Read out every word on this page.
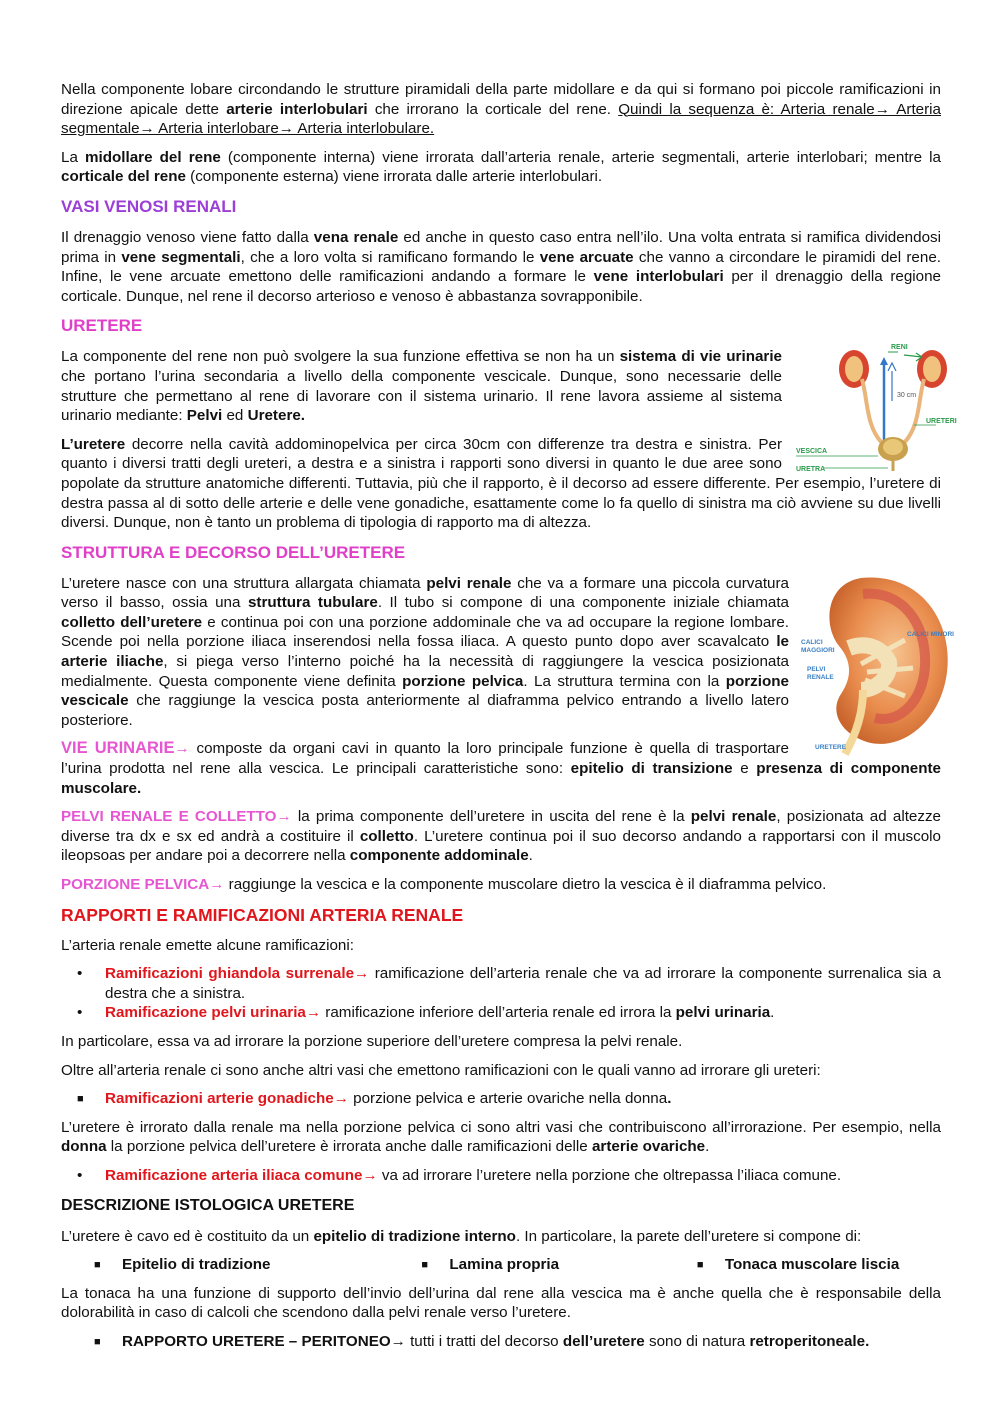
Nella componente lobare circondando le strutture piramidali della parte midollare e da qui si formano poi piccole ramificazioni in direzione apicale dette arterie interlobulari che irrorano la corticale del rene. Quindi la sequenza è: Arteria renale→ Arteria segmentale→ Arteria interlobare→ Arteria interlobulare.

La midollare del rene (componente interna) viene irrorata dall’arteria renale, arterie segmentali, arterie interlobari; mentre la corticale del rene (componente esterna) viene irrorata dalle arterie interlobulari.

VASI VENOSI RENALI

Il drenaggio venoso viene fatto dalla vena renale ed anche in questo caso entra nell’ilo. Una volta entrata si ramifica dividendosi prima in vene segmentali, che a loro volta si ramificano formando le vene arcuate che vanno a circondare le piramidi del rene. Infine, le vene arcuate emettono delle ramificazioni andando a formare le vene interlobulari per il drenaggio della regione corticale. Dunque, nel rene il decorso arterioso e venoso è abbastanza sovrapponibile.

URETERE
RENI
30 cm
URETERI
VESCICA
URETRA

La componente del rene non può svolgere la sua funzione effettiva se non ha un sistema di vie urinarie che portano l’urina secondaria a livello della componente vescicale. Dunque, sono necessarie delle strutture che permettano al rene di lavorare con il sistema urinario. Il rene lavora assieme al sistema urinario mediante: Pelvi ed Uretere.

L’uretere decorre nella cavità addominopelvica per circa 30cm con differenze tra destra e sinistra. Per quanto i diversi tratti degli ureteri, a destra e a sinistra i rapporti sono diversi in quanto le due aree sono popolate da strutture anatomiche differenti. Tuttavia, più che il rapporto, è il decorso ad essere differente. Per esempio, l’uretere di destra passa al di sotto delle arterie e delle vene gonadiche, esattamente come lo fa quello di sinistra ma ciò avviene su due livelli diversi. Dunque, non è tanto un problema di tipologia di rapporto ma di altezza.

STRUTTURA E DECORSO DELL’URETERE
CALICI MINORI
CALICI
MAGGIORI
PELVI
RENALE
URETERE

L’uretere nasce con una struttura allargata chiamata pelvi renale che va a formare una piccola curvatura verso il basso, ossia una struttura tubulare. Il tubo si compone di una componente iniziale chiamata colletto dell’uretere e continua poi con una porzione addominale che va ad occupare la regione lombare. Scende poi nella porzione iliaca inserendosi nella fossa iliaca. A questo punto dopo aver scavalcato le arterie iliache, si piega verso l’interno poiché ha la necessità di raggiungere la vescica posizionata medialmente. Questa componente viene definita porzione pelvica. La struttura termina con la porzione vescicale che raggiunge la vescica posta anteriormente al diaframma pelvico entrando a livello latero posteriore.

VIE URINARIE→ composte da organi cavi in quanto la loro principale funzione è quella di trasportare l’urina prodotta nel rene alla vescica. Le principali caratteristiche sono: epitelio di transizione e presenza di componente muscolare.

PELVI RENALE E COLLETTO→ la prima componente dell’uretere in uscita del rene è la pelvi renale, posizionata ad altezze diverse tra dx e sx ed andrà a costituire il colletto. L’uretere continua poi il suo decorso andando a rapportarsi con il muscolo ileopsoas per andare poi a decorrere nella componente addominale.

PORZIONE PELVICA→ raggiunge la vescica e la componente muscolare dietro la vescica è il diaframma pelvico.

RAPPORTI E RAMIFICAZIONI ARTERIA RENALE

L’arteria renale emette alcune ramificazioni:

• Ramificazioni ghiandola surrenale→ ramificazione dell’arteria renale che va ad irrorare la componente surrenalica sia a destra che a sinistra.
• Ramificazione pelvi urinaria→ ramificazione inferiore dell’arteria renale ed irrora la pelvi urinaria.

In particolare, essa va ad irrorare la porzione superiore dell’uretere compresa la pelvi renale.

Oltre all’arteria renale ci sono anche altri vasi che emettono ramificazioni con le quali vanno ad irrorare gli ureteri:

■ Ramificazioni arterie gonadiche→ porzione pelvica e arterie ovariche nella donna.

L’uretere è irrorato dalla renale ma nella porzione pelvica ci sono altri vasi che contribuiscono all’irrorazione. Per esempio, nella donna la porzione pelvica dell’uretere è irrorata anche dalle ramificazioni delle arterie ovariche.

• Ramificazione arteria iliaca comune→ va ad irrorare l’uretere nella porzione che oltrepassa l’iliaca comune.
DESCRIZIONE ISTOLOGICA URETERE

L’uretere è cavo ed è costituito da un epitelio di tradizione interno. In particolare, la parete dell’uretere si compone di:

■ Epitelio di tradizione	■ Lamina propria	■ Tonaca muscolare liscia

La tonaca ha una funzione di supporto dell’invio dell’urina dal rene alla vescica ma è anche quella che è responsabile della dolorabilità in caso di calcoli che scendono dalla pelvi renale verso l’uretere.

■ RAPPORTO URETERE – PERITONEO→ tutti i tratti del decorso dell’uretere sono di natura retroperitoneale.
